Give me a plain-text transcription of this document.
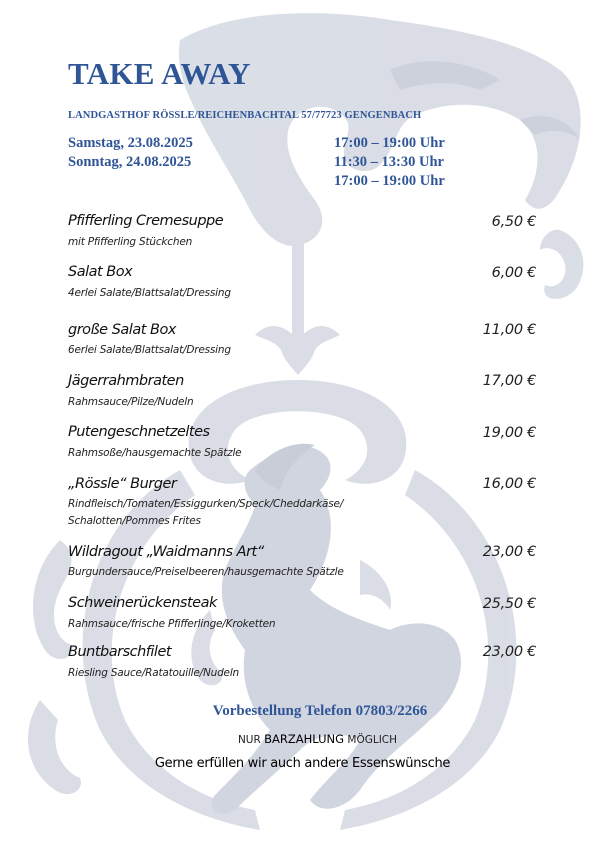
TAKE AWAY
LANDGASTHOF RÖSSLE/REICHENBACHTAL 57/77723 GENGENBACH
Samstag, 23.08.2025
Sonntag, 24.08.2025
17:00 – 19:00 Uhr
11:30 – 13:30 Uhr
17:00 – 19:00 Uhr
Pfifferling Cremesuppe
mit Pfifferling Stückchen
6,50 €
Salat Box
4erlei Salate/Blattsalat/Dressing
6,00 €
große Salat Box
6erlei Salate/Blattsalat/Dressing
11,00 €
Jägerrahmbraten
Rahmsauce/Pilze/Nudeln
17,00 €
Putengeschnetzeltes
Rahmsoße/hausgemachte Spätzle
19,00 €
„Rössle“ Burger
Rindfleisch/Tomaten/Essiggurken/Speck/Cheddarkäse/
Schalotten/Pommes Frites
16,00 €
Wildragout „Waidmanns Art“
Burgundersauce/Preiselbeeren/hausgemachte Spätzle
23,00 €
Schweinerückensteak
Rahmsauce/frische Pfifferlinge/Kroketten
25,50 €
Buntbarschfilet
Riesling Sauce/Ratatouille/Nudeln
23,00 €
Vorbestellung Telefon 07803/2266
NUR BARZAHLUNG MÖGLICH
Gerne erfüllen wir auch andere Essenswünsche
